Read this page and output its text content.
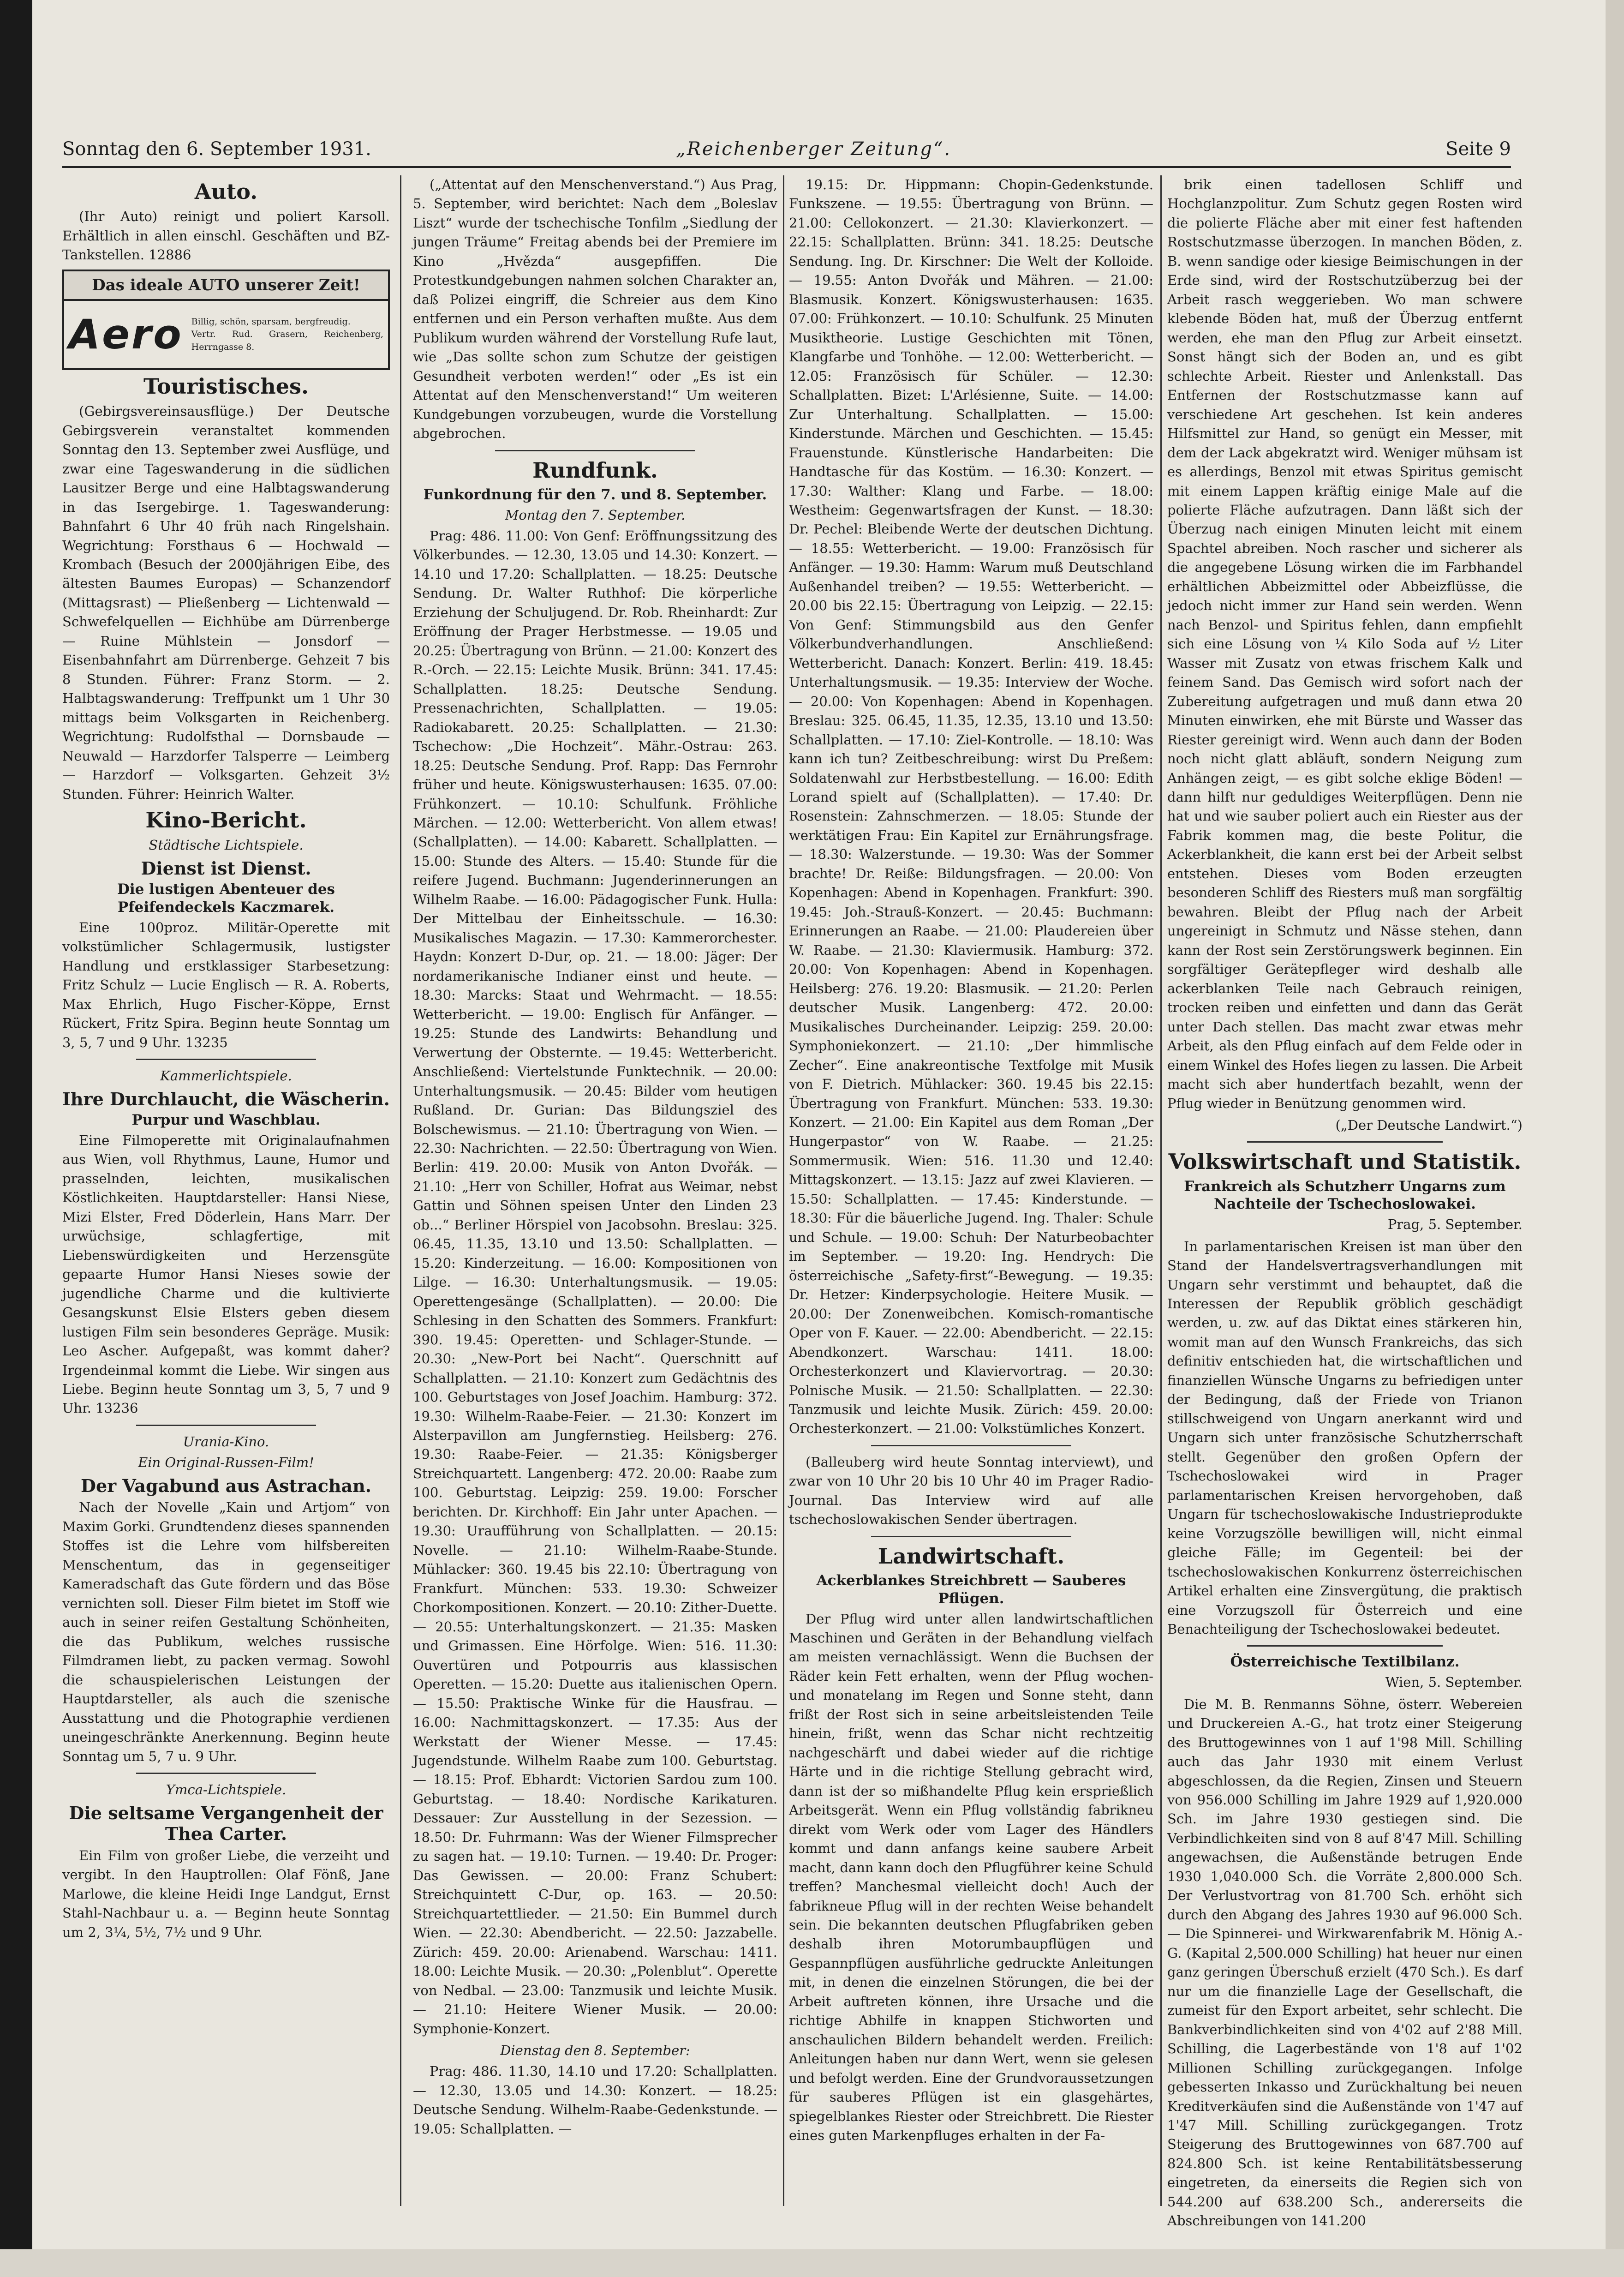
Sonntag den 6. September 1931.	„Reichenberger Zeitung“.	Seite 9
Auto.

(Ihr Auto) reinigt und poliert Karsoll. Erhältlich in allen einschl. Geschäften und BZ-Tankstellen. 12886

Das ideale AUTO unserer Zeit!
Aero Billig, schön, sparsam, bergfreudig.
Vertr. Rud. Grasern, Reichenberg, Herrngasse 8.
Touristisches.

(Gebirgsvereinsausflüge.) Der Deutsche Gebirgsverein veranstaltet kommenden Sonntag den 13. September zwei Ausflüge, und zwar eine Tageswanderung in die südlichen Lausitzer Berge und eine Halbtagswanderung in das Isergebirge. 1. Tageswanderung: Bahnfahrt 6 Uhr 40 früh nach Ringelshain. Wegrichtung: Forsthaus 6 — Hochwald — Krombach (Besuch der 2000jährigen Eibe, des ältesten Baumes Europas) — Schanzendorf (Mittagsrast) — Pließenberg — Lichtenwald — Schwefelquellen — Eichhübe am Dürrenberge — Ruine Mühlstein — Jonsdorf — Eisenbahnfahrt am Dürrenberge. Gehzeit 7 bis 8 Stunden. Führer: Franz Storm. — 2. Halbtagswanderung: Treffpunkt um 1 Uhr 30 mittags beim Volksgarten in Reichenberg. Wegrichtung: Rudolfsthal — Dornsbaude — Neuwald — Harzdorfer Talsperre — Leimberg — Harzdorf — Volksgarten. Gehzeit 3½ Stunden. Führer: Heinrich Walter.

Kino-Bericht.
Städtische Lichtspiele.
Dienst ist Dienst.
Die lustigen Abenteuer des Pfeifendeckels Kaczmarek.

Eine 100proz. Militär-Operette mit volkstümlicher Schlagermusik, lustigster Handlung und erstklassiger Starbesetzung: Fritz Schulz — Lucie Englisch — R. A. Roberts, Max Ehrlich, Hugo Fischer-Köppe, Ernst Rückert, Fritz Spira. Beginn heute Sonntag um 3, 5, 7 und 9 Uhr. 13235

Kammerlichtspiele.
Ihre Durchlaucht, die Wäscherin.
Purpur und Waschblau.

Eine Filmoperette mit Originalaufnahmen aus Wien, voll Rhythmus, Laune, Humor und prasselnden, leichten, musikalischen Köstlichkeiten. Hauptdarsteller: Hansi Niese, Mizi Elster, Fred Döderlein, Hans Marr. Der urwüchsige, schlagfertige, mit Liebenswürdigkeiten und Herzensgüte gepaarte Humor Hansi Nieses sowie der jugendliche Charme und die kultivierte Gesangskunst Elsie Elsters geben diesem lustigen Film sein besonderes Gepräge. Musik: Leo Ascher. Aufgepaßt, was kommt daher? Irgendeinmal kommt die Liebe. Wir singen aus Liebe. Beginn heute Sonntag um 3, 5, 7 und 9 Uhr. 13236

Urania-Kino.
Ein Original-Russen-Film!
Der Vagabund aus Astrachan.

Nach der Novelle „Kain und Artjom“ von Maxim Gorki. Grundtendenz dieses spannenden Stoffes ist die Lehre vom hilfsbereiten Menschentum, das in gegenseitiger Kameradschaft das Gute fördern und das Böse vernichten soll. Dieser Film bietet im Stoff wie auch in seiner reifen Gestaltung Schönheiten, die das Publikum, welches russische Filmdramen liebt, zu packen vermag. Sowohl die schauspielerischen Leistungen der Hauptdarsteller, als auch die szenische Ausstattung und die Photographie verdienen uneingeschränkte Anerkennung. Beginn heute Sonntag um 5, 7 u. 9 Uhr.

Ymca-Lichtspiele.
Die seltsame Vergangenheit der Thea Carter.

Ein Film von großer Liebe, die verzeiht und vergibt. In den Hauptrollen: Olaf Fönß, Jane Marlowe, die kleine Heidi Inge Landgut, Ernst Stahl-Nachbaur u. a. — Beginn heute Sonntag um 2, 3¼, 5½, 7½ und 9 Uhr.

(„Attentat auf den Menschenverstand.“) Aus Prag, 5. September, wird berichtet: Nach dem „Boleslav Liszt“ wurde der tschechische Tonfilm „Siedlung der jungen Träume“ Freitag abends bei der Premiere im Kino „Hvězda“ ausgepfiffen. Die Protestkundgebungen nahmen solchen Charakter an, daß Polizei eingriff, die Schreier aus dem Kino entfernen und ein Person verhaften mußte. Aus dem Publikum wurden während der Vorstellung Rufe laut, wie „Das sollte schon zum Schutze der geistigen Gesundheit verboten werden!“ oder „Es ist ein Attentat auf den Menschenverstand!“ Um weiteren Kundgebungen vorzubeugen, wurde die Vorstellung abgebrochen.

Rundfunk.
Funkordnung für den 7. und 8. September.
Montag den 7. September.

Prag: 486. 11.00: Von Genf: Eröffnungssitzung des Völkerbundes. — 12.30, 13.05 und 14.30: Konzert. — 14.10 und 17.20: Schallplatten. — 18.25: Deutsche Sendung. Dr. Walter Ruthhof: Die körperliche Erziehung der Schuljugend. Dr. Rob. Rheinhardt: Zur Eröffnung der Prager Herbstmesse. — 19.05 und 20.25: Übertragung von Brünn. — 21.00: Konzert des R.-Orch. — 22.15: Leichte Musik. Brünn: 341. 17.45: Schallplatten. 18.25: Deutsche Sendung. Pressenachrichten, Schallplatten. — 19.05: Radiokabarett. 20.25: Schallplatten. — 21.30: Tschechow: „Die Hochzeit“. Mähr.-Ostrau: 263. 18.25: Deutsche Sendung. Prof. Rapp: Das Fernrohr früher und heute. Königswusterhausen: 1635. 07.00: Frühkonzert. — 10.10: Schulfunk. Fröhliche Märchen. — 12.00: Wetterbericht. Von allem etwas! (Schallplatten). — 14.00: Kabarett. Schallplatten. — 15.00: Stunde des Alters. — 15.40: Stunde für die reifere Jugend. Buchmann: Jugenderinnerungen an Wilhelm Raabe. — 16.00: Pädagogischer Funk. Hulla: Der Mittelbau der Einheitsschule. — 16.30: Musikalisches Magazin. — 17.30: Kammerorchester. Haydn: Konzert D-Dur, op. 21. — 18.00: Jäger: Der nordamerikanische Indianer einst und heute. — 18.30: Marcks: Staat und Wehrmacht. — 18.55: Wetterbericht. — 19.00: Englisch für Anfänger. — 19.25: Stunde des Landwirts: Behandlung und Verwertung der Obsternte. — 19.45: Wetterbericht. Anschließend: Viertelstunde Funktechnik. — 20.00: Unterhaltungsmusik. — 20.45: Bilder vom heutigen Rußland. Dr. Gurian: Das Bildungsziel des Bolschewismus. — 21.10: Übertragung von Wien. — 22.30: Nachrichten. — 22.50: Übertragung von Wien. Berlin: 419. 20.00: Musik von Anton Dvořák. — 21.10: „Herr von Schiller, Hofrat aus Weimar, nebst Gattin und Söhnen speisen Unter den Linden 23 ob...“ Berliner Hörspiel von Jacobsohn. Breslau: 325. 06.45, 11.35, 13.10 und 13.50: Schallplatten. — 15.20: Kinderzeitung. — 16.00: Kompositionen von Lilge. — 16.30: Unterhaltungsmusik. — 19.05: Operettengesänge (Schallplatten). — 20.00: Die Schlesing in den Schatten des Sommers. Frankfurt: 390. 19.45: Operetten- und Schlager-Stunde. — 20.30: „New-Port bei Nacht“. Querschnitt auf Schallplatten. — 21.10: Konzert zum Gedächtnis des 100. Geburtstages von Josef Joachim. Hamburg: 372. 19.30: Wilhelm-Raabe-Feier. — 21.30: Konzert im Alsterpavillon am Jungfernstieg. Heilsberg: 276. 19.30: Raabe-Feier. — 21.35: Königsberger Streichquartett. Langenberg: 472. 20.00: Raabe zum 100. Geburtstag. Leipzig: 259. 19.00: Forscher berichten. Dr. Kirchhoff: Ein Jahr unter Apachen. — 19.30: Uraufführung von Schallplatten. — 20.15: Novelle. — 21.10: Wilhelm-Raabe-Stunde. Mühlacker: 360. 19.45 bis 22.10: Übertragung von Frankfurt. München: 533. 19.30: Schweizer Chorkompositionen. Konzert. — 20.10: Zither-Duette. — 20.55: Unterhaltungskonzert. — 21.35: Masken und Grimassen. Eine Hörfolge. Wien: 516. 11.30: Ouvertüren und Potpourris aus klassischen Operetten. — 15.20: Duette aus italienischen Opern. — 15.50: Praktische Winke für die Hausfrau. — 16.00: Nachmittagskonzert. — 17.35: Aus der Werkstatt der Wiener Messe. — 17.45: Jugendstunde. Wilhelm Raabe zum 100. Geburtstag. — 18.15: Prof. Ebhardt: Victorien Sardou zum 100. Geburtstag. — 18.40: Nordische Karikaturen. Dessauer: Zur Ausstellung in der Sezession. — 18.50: Dr. Fuhrmann: Was der Wiener Filmsprecher zu sagen hat. — 19.10: Turnen. — 19.40: Dr. Proger: Das Gewissen. — 20.00: Franz Schubert: Streichquintett C-Dur, op. 163. — 20.50: Streichquartettlieder. — 21.50: Ein Bummel durch Wien. — 22.30: Abendbericht. — 22.50: Jazzabelle. Zürich: 459. 20.00: Arienabend. Warschau: 1411. 18.00: Leichte Musik. — 20.30: „Polenblut“. Operette von Nedbal. — 23.00: Tanzmusik und leichte Musik. — 21.10: Heitere Wiener Musik. — 20.00: Symphonie-Konzert.

Dienstag den 8. September:

Prag: 486. 11.30, 14.10 und 17.20: Schallplatten. — 12.30, 13.05 und 14.30: Konzert. — 18.25: Deutsche Sendung. Wilhelm-Raabe-Gedenkstunde. — 19.05: Schallplatten. —

19.15: Dr. Hippmann: Chopin-Gedenkstunde. Funkszene. — 19.55: Übertragung von Brünn. — 21.00: Cellokonzert. — 21.30: Klavierkonzert. — 22.15: Schallplatten. Brünn: 341. 18.25: Deutsche Sendung. Ing. Dr. Kirschner: Die Welt der Kolloide. — 19.55: Anton Dvořák und Mähren. — 21.00: Blasmusik. Konzert. Königswusterhausen: 1635. 07.00: Frühkonzert. — 10.10: Schulfunk. 25 Minuten Musiktheorie. Lustige Geschichten mit Tönen, Klangfarbe und Tonhöhe. — 12.00: Wetterbericht. — 12.05: Französisch für Schüler. — 12.30: Schallplatten. Bizet: L'Arlésienne, Suite. — 14.00: Zur Unterhaltung. Schallplatten. — 15.00: Kinderstunde. Märchen und Geschichten. — 15.45: Frauenstunde. Künstlerische Handarbeiten: Die Handtasche für das Kostüm. — 16.30: Konzert. — 17.30: Walther: Klang und Farbe. — 18.00: Westheim: Gegenwartsfragen der Kunst. — 18.30: Dr. Pechel: Bleibende Werte der deutschen Dichtung. — 18.55: Wetterbericht. — 19.00: Französisch für Anfänger. — 19.30: Hamm: Warum muß Deutschland Außenhandel treiben? — 19.55: Wetterbericht. — 20.00 bis 22.15: Übertragung von Leipzig. — 22.15: Von Genf: Stimmungsbild aus den Genfer Völkerbundverhandlungen. Anschließend: Wetterbericht. Danach: Konzert. Berlin: 419. 18.45: Unterhaltungsmusik. — 19.35: Interview der Woche. — 20.00: Von Kopenhagen: Abend in Kopenhagen. Breslau: 325. 06.45, 11.35, 12.35, 13.10 und 13.50: Schallplatten. — 17.10: Ziel-Kontrolle. — 18.10: Was kann ich tun? Zeitbeschreibung: wirst Du Preßem: Soldatenwahl zur Herbstbestellung. — 16.00: Edith Lorand spielt auf (Schallplatten). — 17.40: Dr. Rosenstein: Zahnschmerzen. — 18.05: Stunde der werktätigen Frau: Ein Kapitel zur Ernährungsfrage. — 18.30: Walzerstunde. — 19.30: Was der Sommer brachte! Dr. Reiße: Bildungsfragen. — 20.00: Von Kopenhagen: Abend in Kopenhagen. Frankfurt: 390. 19.45: Joh.-Strauß-Konzert. — 20.45: Buchmann: Erinnerungen an Raabe. — 21.00: Plaudereien über W. Raabe. — 21.30: Klaviermusik. Hamburg: 372. 20.00: Von Kopenhagen: Abend in Kopenhagen. Heilsberg: 276. 19.20: Blasmusik. — 21.20: Perlen deutscher Musik. Langenberg: 472. 20.00: Musikalisches Durcheinander. Leipzig: 259. 20.00: Symphoniekonzert. — 21.10: „Der himmlische Zecher“. Eine anakreontische Textfolge mit Musik von F. Dietrich. Mühlacker: 360. 19.45 bis 22.15: Übertragung von Frankfurt. München: 533. 19.30: Konzert. — 21.00: Ein Kapitel aus dem Roman „Der Hungerpastor“ von W. Raabe. — 21.25: Sommermusik. Wien: 516. 11.30 und 12.40: Mittagskonzert. — 13.15: Jazz auf zwei Klavieren. — 15.50: Schallplatten. — 17.45: Kinderstunde. — 18.30: Für die bäuerliche Jugend. Ing. Thaler: Schule und Schule. — 19.00: Schuh: Der Naturbeobachter im September. — 19.20: Ing. Hendrych: Die österreichische „Safety-first“-Bewegung. — 19.35: Dr. Hetzer: Kinderpsychologie. Heitere Musik. — 20.00: Der Zonenweibchen. Komisch-romantische Oper von F. Kauer. — 22.00: Abendbericht. — 22.15: Abendkonzert. Warschau: 1411. 18.00: Orchesterkonzert und Klaviervortrag. — 20.30: Polnische Musik. — 21.50: Schallplatten. — 22.30: Tanzmusik und leichte Musik. Zürich: 459. 20.00: Orchesterkonzert. — 21.00: Volkstümliches Konzert.

(Balleuberg wird heute Sonntag interviewt), und zwar von 10 Uhr 20 bis 10 Uhr 40 im Prager Radio-Journal. Das Interview wird auf alle tschechoslowakischen Sender übertragen.

Landwirtschaft.
Ackerblankes Streichbrett — Sauberes Pflügen.

Der Pflug wird unter allen landwirtschaftlichen Maschinen und Geräten in der Behandlung vielfach am meisten vernachlässigt. Wenn die Buchsen der Räder kein Fett erhalten, wenn der Pflug wochen- und monatelang im Regen und Sonne steht, dann frißt der Rost sich in seine arbeitsleistenden Teile hinein, frißt, wenn das Schar nicht rechtzeitig nachgeschärft und dabei wieder auf die richtige Härte und in die richtige Stellung gebracht wird, dann ist der so mißhandelte Pflug kein ersprießlich Arbeitsgerät. Wenn ein Pflug vollständig fabrikneu direkt vom Werk oder vom Lager des Händlers kommt und dann anfangs keine saubere Arbeit macht, dann kann doch den Pflugführer keine Schuld treffen? Manchesmal vielleicht doch! Auch der fabrikneue Pflug will in der rechten Weise behandelt sein. Die bekannten deutschen Pflugfabriken geben deshalb ihren Motorumbaupflügen und Gespannpflügen ausführliche gedruckte Anleitungen mit, in denen die einzelnen Störungen, die bei der Arbeit auftreten können, ihre Ursache und die richtige Abhilfe in knappen Stichworten und anschaulichen Bildern behandelt werden. Freilich: Anleitungen haben nur dann Wert, wenn sie gelesen und befolgt werden. Eine der Grundvoraussetzungen für sauberes Pflügen ist ein glasgehärtes, spiegelblankes Riester oder Streichbrett. Die Riester eines guten Markenpfluges erhalten in der Fa-

brik einen tadellosen Schliff und Hochglanzpolitur. Zum Schutz gegen Rosten wird die polierte Fläche aber mit einer fest haftenden Rostschutzmasse überzogen. In manchen Böden, z. B. wenn sandige oder kiesige Beimischungen in der Erde sind, wird der Rostschutzüberzug bei der Arbeit rasch weggerieben. Wo man schwere klebende Böden hat, muß der Überzug entfernt werden, ehe man den Pflug zur Arbeit einsetzt. Sonst hängt sich der Boden an, und es gibt schlechte Arbeit. Riester und Anlenkstall. Das Entfernen der Rostschutzmasse kann auf verschiedene Art geschehen. Ist kein anderes Hilfsmittel zur Hand, so genügt ein Messer, mit dem der Lack abgekratzt wird. Weniger mühsam ist es allerdings, Benzol mit etwas Spiritus gemischt mit einem Lappen kräftig einige Male auf die polierte Fläche aufzutragen. Dann läßt sich der Überzug nach einigen Minuten leicht mit einem Spachtel abreiben. Noch rascher und sicherer als die angegebene Lösung wirken die im Farbhandel erhältlichen Abbeizmittel oder Abbeizflüsse, die jedoch nicht immer zur Hand sein werden. Wenn nach Benzol- und Spiritus fehlen, dann empfiehlt sich eine Lösung von ¼ Kilo Soda auf ½ Liter Wasser mit Zusatz von etwas frischem Kalk und feinem Sand. Das Gemisch wird sofort nach der Zubereitung aufgetragen und muß dann etwa 20 Minuten einwirken, ehe mit Bürste und Wasser das Riester gereinigt wird. Wenn auch dann der Boden noch nicht glatt abläuft, sondern Neigung zum Anhängen zeigt, — es gibt solche eklige Böden! — dann hilft nur geduldiges Weiterpflügen. Denn nie hat und wie sauber poliert auch ein Riester aus der Fabrik kommen mag, die beste Politur, die Ackerblankheit, die kann erst bei der Arbeit selbst entstehen. Dieses vom Boden erzeugten besonderen Schliff des Riesters muß man sorgfältig bewahren. Bleibt der Pflug nach der Arbeit ungereinigt in Schmutz und Nässe stehen, dann kann der Rost sein Zerstörungswerk beginnen. Ein sorgfältiger Gerätepfleger wird deshalb alle ackerblanken Teile nach Gebrauch reinigen, trocken reiben und einfetten und dann das Gerät unter Dach stellen. Das macht zwar etwas mehr Arbeit, als den Pflug einfach auf dem Felde oder in einem Winkel des Hofes liegen zu lassen. Die Arbeit macht sich aber hundertfach bezahlt, wenn der Pflug wieder in Benützung genommen wird.

(„Der Deutsche Landwirt.“)

Volkswirtschaft und Statistik.
Frankreich als Schutzherr Ungarns zum Nachteile der Tschechoslowakei.

Prag, 5. September.

In parlamentarischen Kreisen ist man über den Stand der Handelsvertragsverhandlungen mit Ungarn sehr verstimmt und behauptet, daß die Interessen der Republik gröblich geschädigt werden, u. zw. auf das Diktat eines stärkeren hin, womit man auf den Wunsch Frankreichs, das sich definitiv entschieden hat, die wirtschaftlichen und finanziellen Wünsche Ungarns zu befriedigen unter der Bedingung, daß der Friede von Trianon stillschweigend von Ungarn anerkannt wird und Ungarn sich unter französische Schutzherrschaft stellt. Gegenüber den großen Opfern der Tschechoslowakei wird in Prager parlamentarischen Kreisen hervorgehoben, daß Ungarn für tschechoslowakische Industrieprodukte keine Vorzugszölle bewilligen will, nicht einmal gleiche Fälle; im Gegenteil: bei der tschechoslowakischen Konkurrenz österreichischen Artikel erhalten eine Zinsvergütung, die praktisch eine Vorzugszoll für Österreich und eine Benachteiligung der Tschechoslowakei bedeutet.

Österreichische Textilbilanz.

Wien, 5. September.

Die M. B. Renmanns Söhne, österr. Webereien und Druckereien A.-G., hat trotz einer Steigerung des Bruttogewinnes von 1 auf 1'98 Mill. Schilling auch das Jahr 1930 mit einem Verlust abgeschlossen, da die Regien, Zinsen und Steuern von 956.000 Schilling im Jahre 1929 auf 1,920.000 Sch. im Jahre 1930 gestiegen sind. Die Verbindlichkeiten sind von 8 auf 8'47 Mill. Schilling angewachsen, die Außenstände betrugen Ende 1930 1,040.000 Sch. die Vorräte 2,800.000 Sch. Der Verlustvortrag von 81.700 Sch. erhöht sich durch den Abgang des Jahres 1930 auf 96.000 Sch. — Die Spinnerei- und Wirkwarenfabrik M. Hönig A.-G. (Kapital 2,500.000 Schilling) hat heuer nur einen ganz geringen Überschuß erzielt (470 Sch.). Es darf nur um die finanzielle Lage der Gesellschaft, die zumeist für den Export arbeitet, sehr schlecht. Die Bankverbindlichkeiten sind von 4'02 auf 2'88 Mill. Schilling, die Lagerbestände von 1'8 auf 1'02 Millionen Schilling zurückgegangen. Infolge gebesserten Inkasso und Zurückhaltung bei neuen Kreditverkäufen sind die Außenstände von 1'47 auf 1'47 Mill. Schilling zurückgegangen. Trotz Steigerung des Bruttogewinnes von 687.700 auf 824.800 Sch. ist keine Rentabilitätsbesserung eingetreten, da einerseits die Regien sich von 544.200 auf 638.200 Sch., andererseits die Abschreibungen von 141.200
